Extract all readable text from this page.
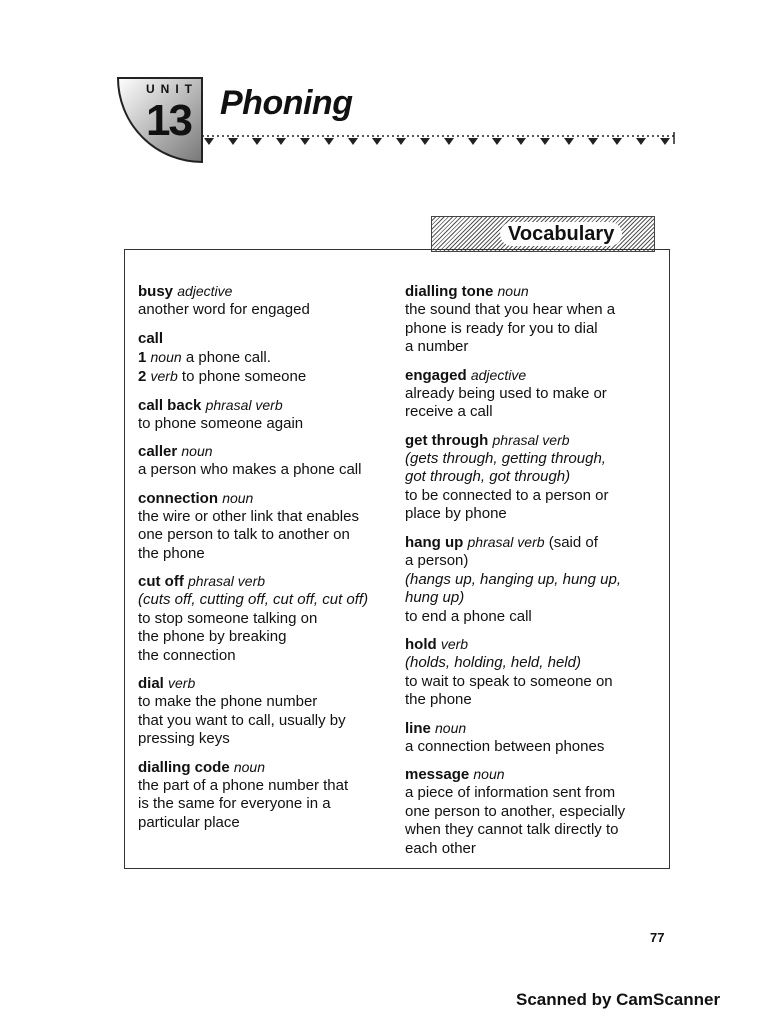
UNIT
13 Phoning
Vocabulary
busy adjective
another word for engaged
call
1 noun a phone call.
2 verb to phone someone
call back phrasal verb
to phone someone again
caller noun
a person who makes a phone call
connection noun
the wire or other link that enables
one person to talk to another on
the phone
cut off phrasal verb
(cuts off, cutting off, cut off, cut off)
to stop someone talking on
the phone by breaking
the connection
dial verb
to make the phone number
that you want to call, usually by
pressing keys
dialling code noun
the part of a phone number that
is the same for everyone in a
particular place
dialling tone noun
the sound that you hear when a
phone is ready for you to dial
a number
engaged adjective
already being used to make or
receive a call
get through phrasal verb
(gets through, getting through,
got through, got through)
to be connected to a person or
place by phone
hang up phrasal verb (said of
a person)
(hangs up, hanging up, hung up,
hung up)
to end a phone call
hold verb
(holds, holding, held, held)
to wait to speak to someone on
the phone
line noun
a connection between phones
message noun
a piece of information sent from
one person to another, especially
when they cannot talk directly to
each other
77
Scanned by CamScanner
